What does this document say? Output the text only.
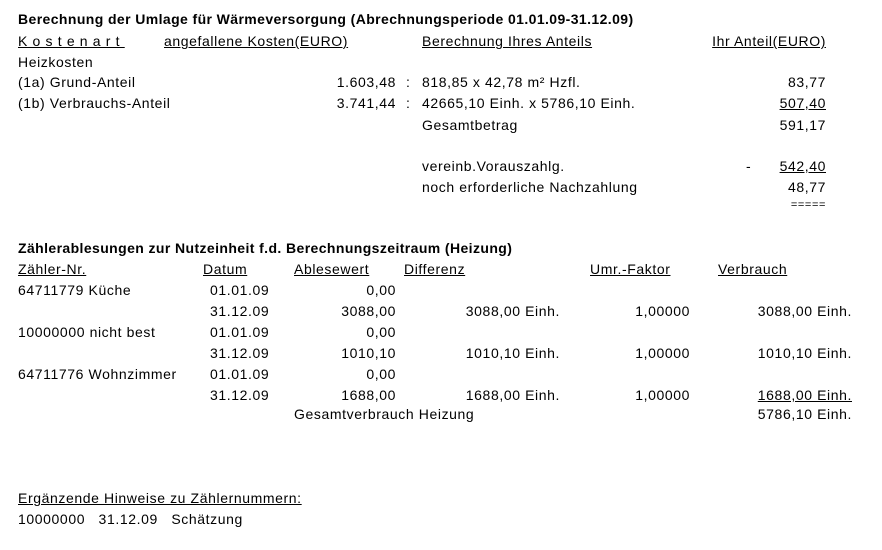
Berechnung der Umlage für Wärmeversorgung (Abrechnungsperiode 01.01.09-31.12.09)
Kostenart	angefallene Kosten(EURO)	Berechnung Ihres Anteils	Ihr Anteil(EURO)
Heizkosten
(1a) Grund-Anteil	1.603,48 : 818,85 x 42,78 m² Hzfl.	83,77
(1b) Verbrauchs-Anteil	3.741,44 : 42665,10 Einh. x 5786,10 Einh.	507,40
Gesamtbetrag	591,17
vereinb.Vorauszahlg.	- 542,40
noch erforderliche Nachzahlung	48,77
=====
Zählerablesungen zur Nutzeinheit f.d. Berechnungszeitraum (Heizung)
Zähler-Nr.	Datum	Ablesewert Differenz	Umr.-Faktor	Verbrauch
64711779 Küche	01.01.09	0,00
31.12.09	3088,00	3088,00 Einh.	1,00000	3088,00 Einh.
10000000 nicht best	01.01.09	0,00
31.12.09	1010,10	1010,10 Einh.	1,00000	1010,10 Einh.
64711776 Wohnzimmer 01.01.09	0,00
31.12.09	1688,00	1688,00 Einh.	1,00000	1688,00 Einh.
Gesamtverbrauch Heizung	5786,10 Einh.
Ergänzende Hinweise zu Zählernummern:
10000000   31.12.09   Schätzung
